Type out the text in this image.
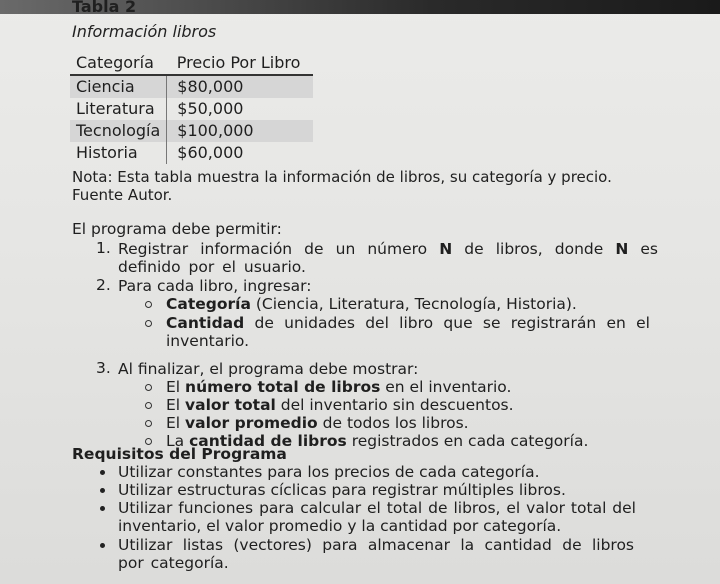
Tabla 2
Información libros
Categoría	Precio Por Libro
Ciencia	$80,000
Literatura	$50,000
Tecnología	$100,000
Historia	$60,000
Nota: Esta tabla muestra la información de libros, su categoría y precio.
Fuente Autor.
El programa debe permitir:
1. Registrar información de un número N de libros, donde N es definido por el usuario.
2. Para cada libro, ingresar:
Categoría (Ciencia, Literatura, Tecnología, Historia).
Cantidad de unidades del libro que se registrarán en el inventario.
3. Al finalizar, el programa debe mostrar:
El número total de libros en el inventario.
El valor total del inventario sin descuentos.
El valor promedio de todos los libros.
La cantidad de libros registrados en cada categoría.
Requisitos del Programa
Utilizar constantes para los precios de cada categoría.
Utilizar estructuras cíclicas para registrar múltiples libros.
Utilizar funciones para calcular el total de libros, el valor total del inventario, el valor promedio y la cantidad por categoría.
Utilizar listas (vectores) para almacenar la cantidad de libros por categoría.
